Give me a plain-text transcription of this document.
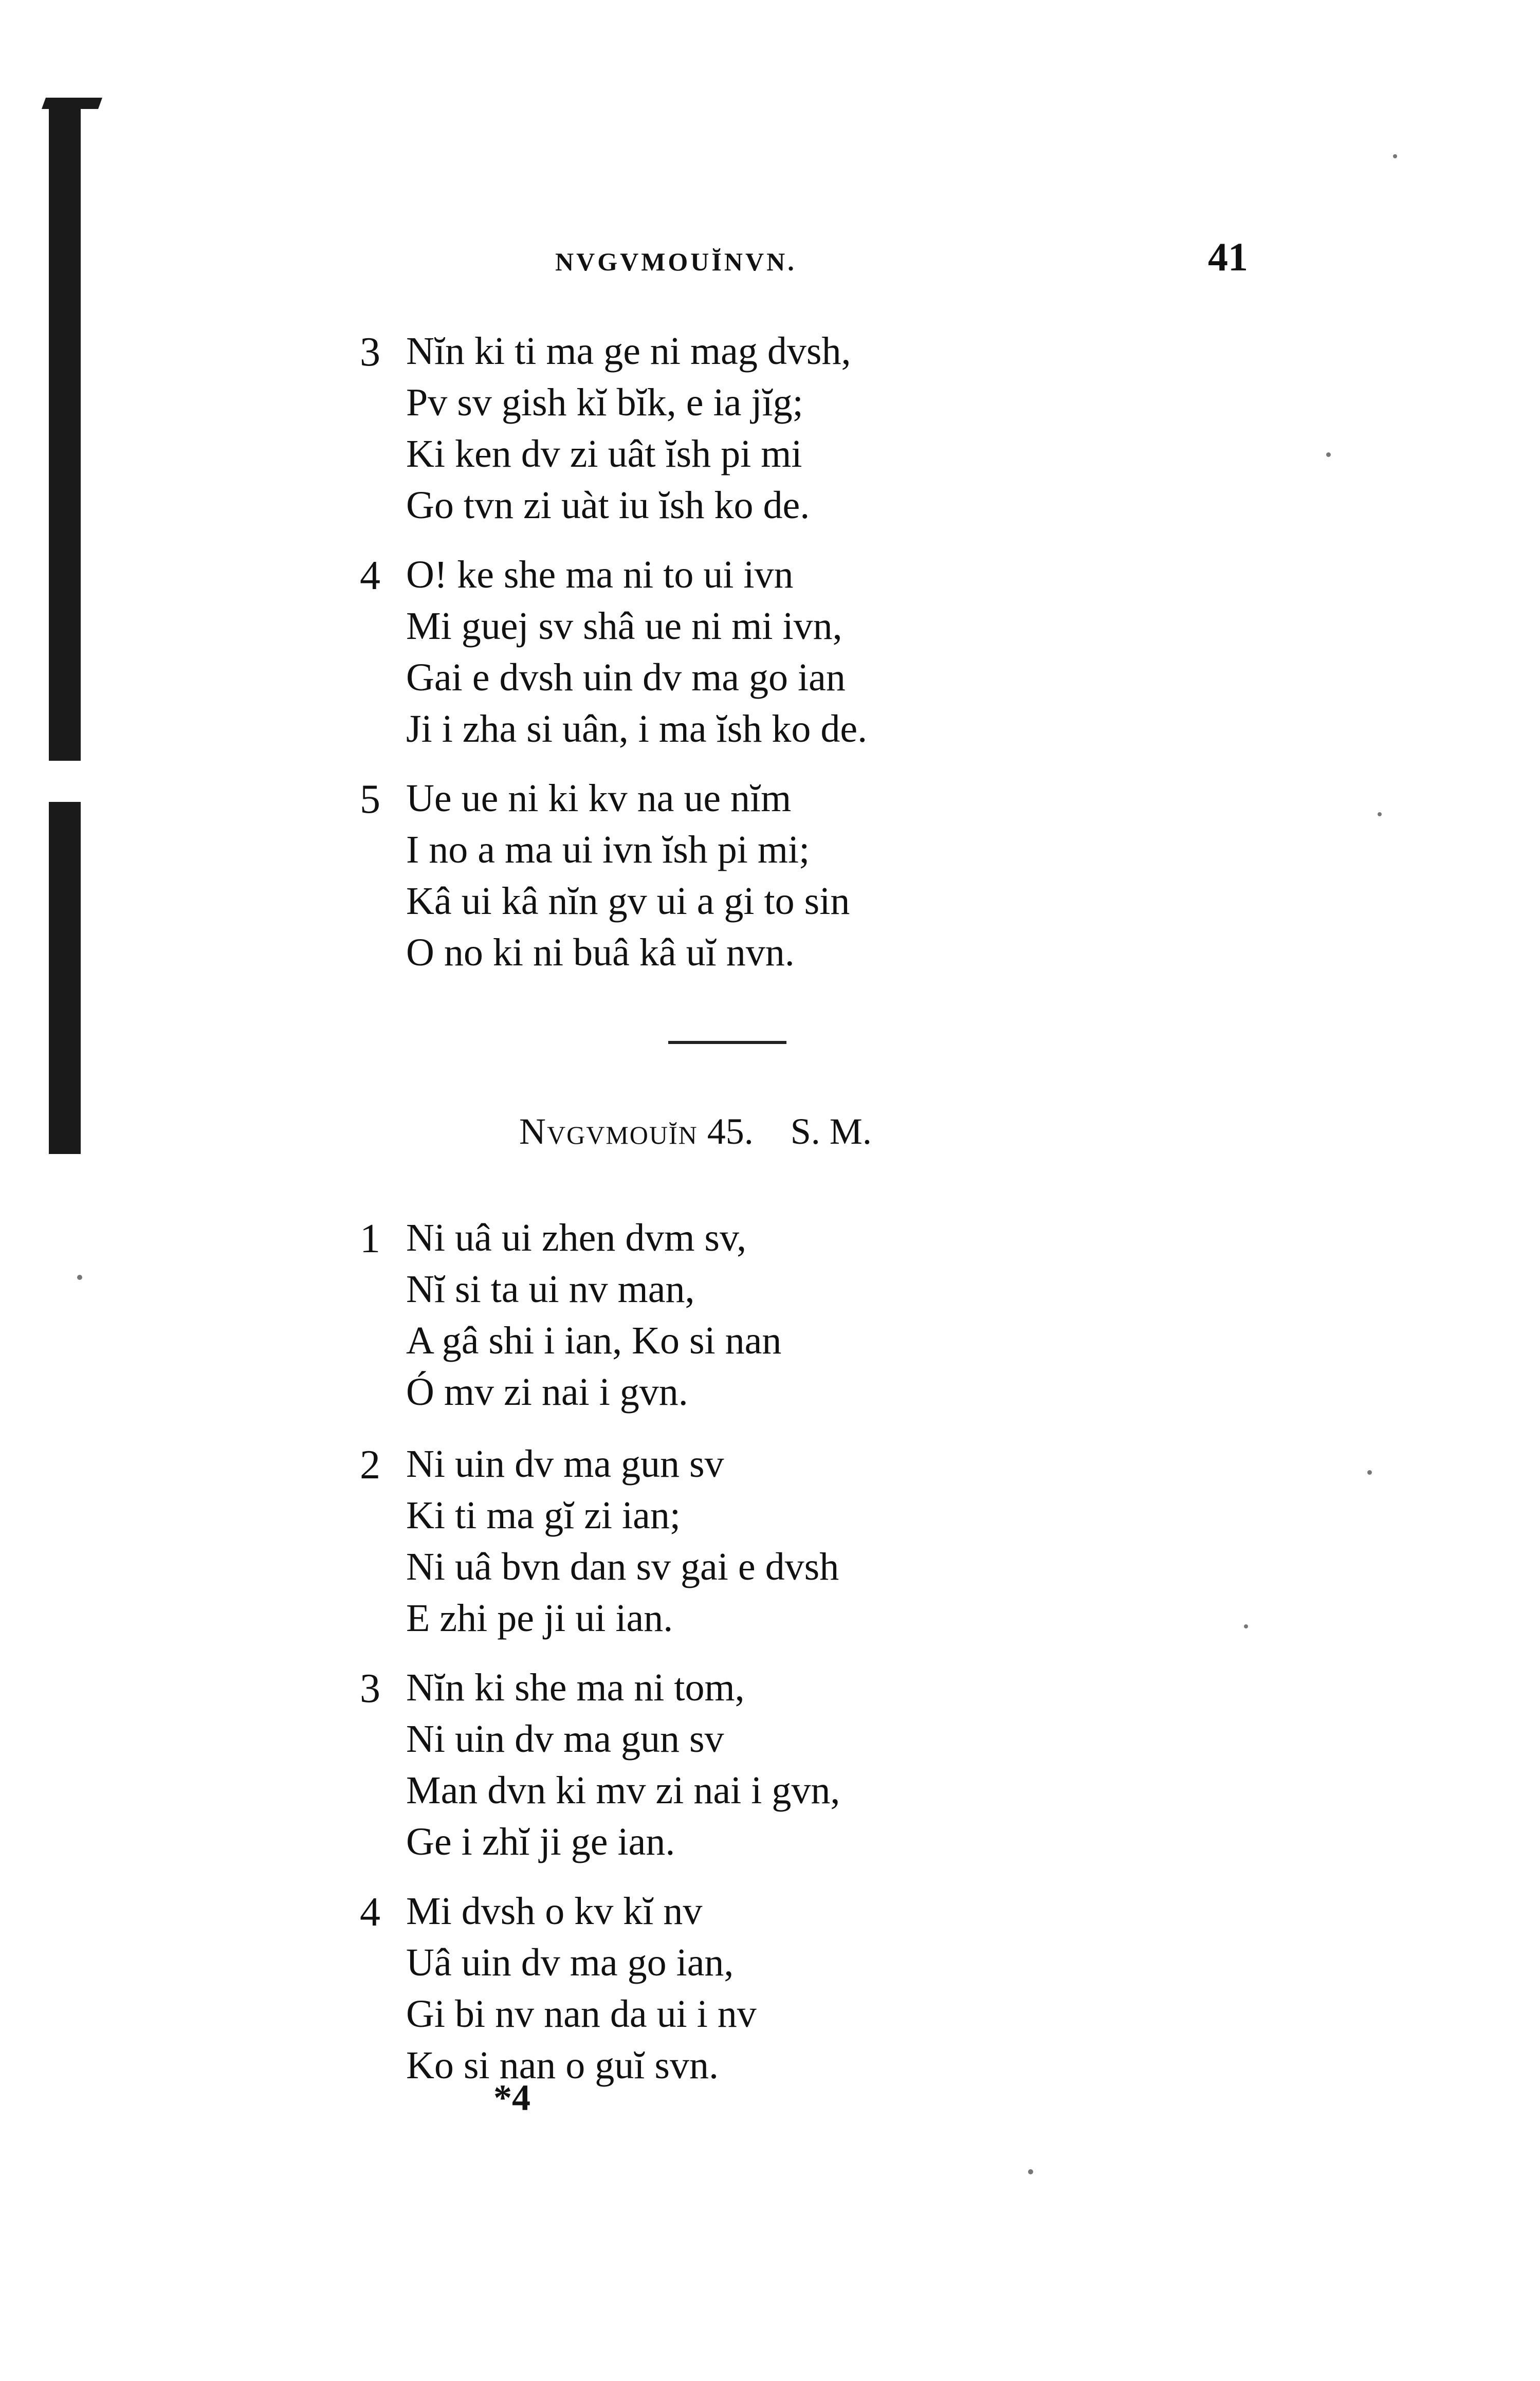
NVGVMOUĬNVN.	41
3 Nĭn ki ti ma ge ni mag dvsh,
Pv sv gish kĭ bĭk, e ia jĭg;
Ki ken dv zi uât ĭsh pi mi
Go tvn zi uàt iu ĭsh ko de.
4 O! ke she ma ni to ui ivn
Mi guej sv shâ ue ni mi ivn,
Gai e dvsh uin dv ma go ian
Ji i zha si uân, i ma ĭsh ko de.
5 Ue ue ni ki kv na ue nĭm
I no a ma ui ivn ĭsh pi mi;
Kâ ui kâ nĭn gv ui a gi to sin
O no ki ni buâ kâ uĭ nvn.
Nvgvmouĭn 45. S. M.
1 Ni uâ ui zhen dvm sv,
Nĭ si ta ui nv man,
A gâ shi i ian, Ko si nan
Ó mv zi nai i gvn.
2 Ni uin dv ma gun sv
Ki ti ma gĭ zi ian;
Ni uâ bvn dan sv gai e dvsh
E zhi pe ji ui ian.
3 Nĭn ki she ma ni tom,
Ni uin dv ma gun sv
Man dvn ki mv zi nai i gvn,
Ge i zhĭ ji ge ian.
4 Mi dvsh o kv kĭ nv
Uâ uin dv ma go ian,
Gi bi nv nan da ui i nv
Ko si nan o guĭ svn.
*4
